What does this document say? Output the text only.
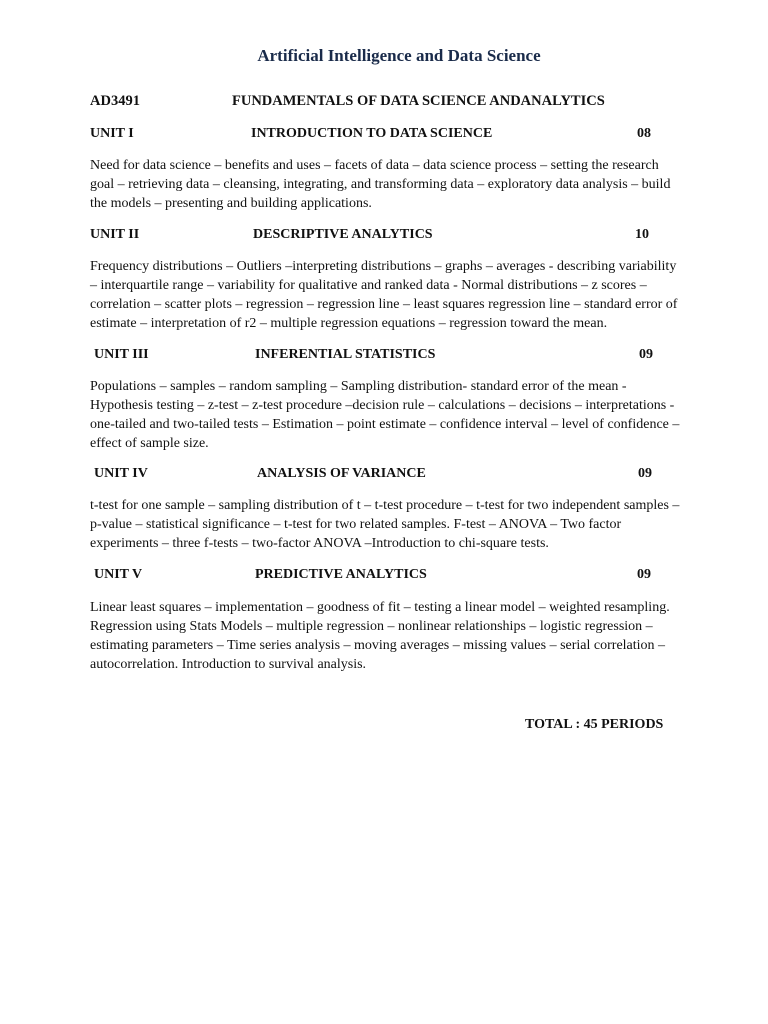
Artificial Intelligence and Data Science
AD3491	FUNDAMENTALS OF DATA SCIENCE ANDANALYTICS
UNIT I	INTRODUCTION TO DATA SCIENCE	08

Need for data science – benefits and uses – facets of data – data science process – setting the research goal – retrieving data – cleansing, integrating, and transforming data – exploratory data analysis – build the models – presenting and building applications.

UNIT II	DESCRIPTIVE ANALYTICS	10

Frequency distributions – Outliers –interpreting distributions – graphs – averages - describing variability – interquartile range – variability for qualitative and ranked data - Normal distributions – z scores – correlation – scatter plots – regression – regression line – least squares regression line – standard error of estimate – interpretation of r2 – multiple regression equations – regression toward the mean.

UNIT III	INFERENTIAL STATISTICS	09

Populations – samples – random sampling – Sampling distribution- standard error of the mean - Hypothesis testing – z-test – z-test procedure –decision rule – calculations – decisions – interpretations - one-tailed and two-tailed tests – Estimation – point estimate – confidence interval – level of confidence – effect of sample size.

UNIT IV	ANALYSIS OF VARIANCE	09

t-test for one sample – sampling distribution of t – t-test procedure – t-test for two independent samples – p-value – statistical significance – t-test for two related samples. F-test – ANOVA – Two factor experiments – three f-tests – two-factor ANOVA –Introduction to chi-square tests.

UNIT V	PREDICTIVE ANALYTICS	09

Linear least squares – implementation – goodness of fit – testing a linear model – weighted resampling. Regression using Stats Models – multiple regression – nonlinear relationships – logistic regression – estimating parameters – Time series analysis – moving averages – missing values – serial correlation – autocorrelation. Introduction to survival analysis.

TOTAL : 45 PERIODS
